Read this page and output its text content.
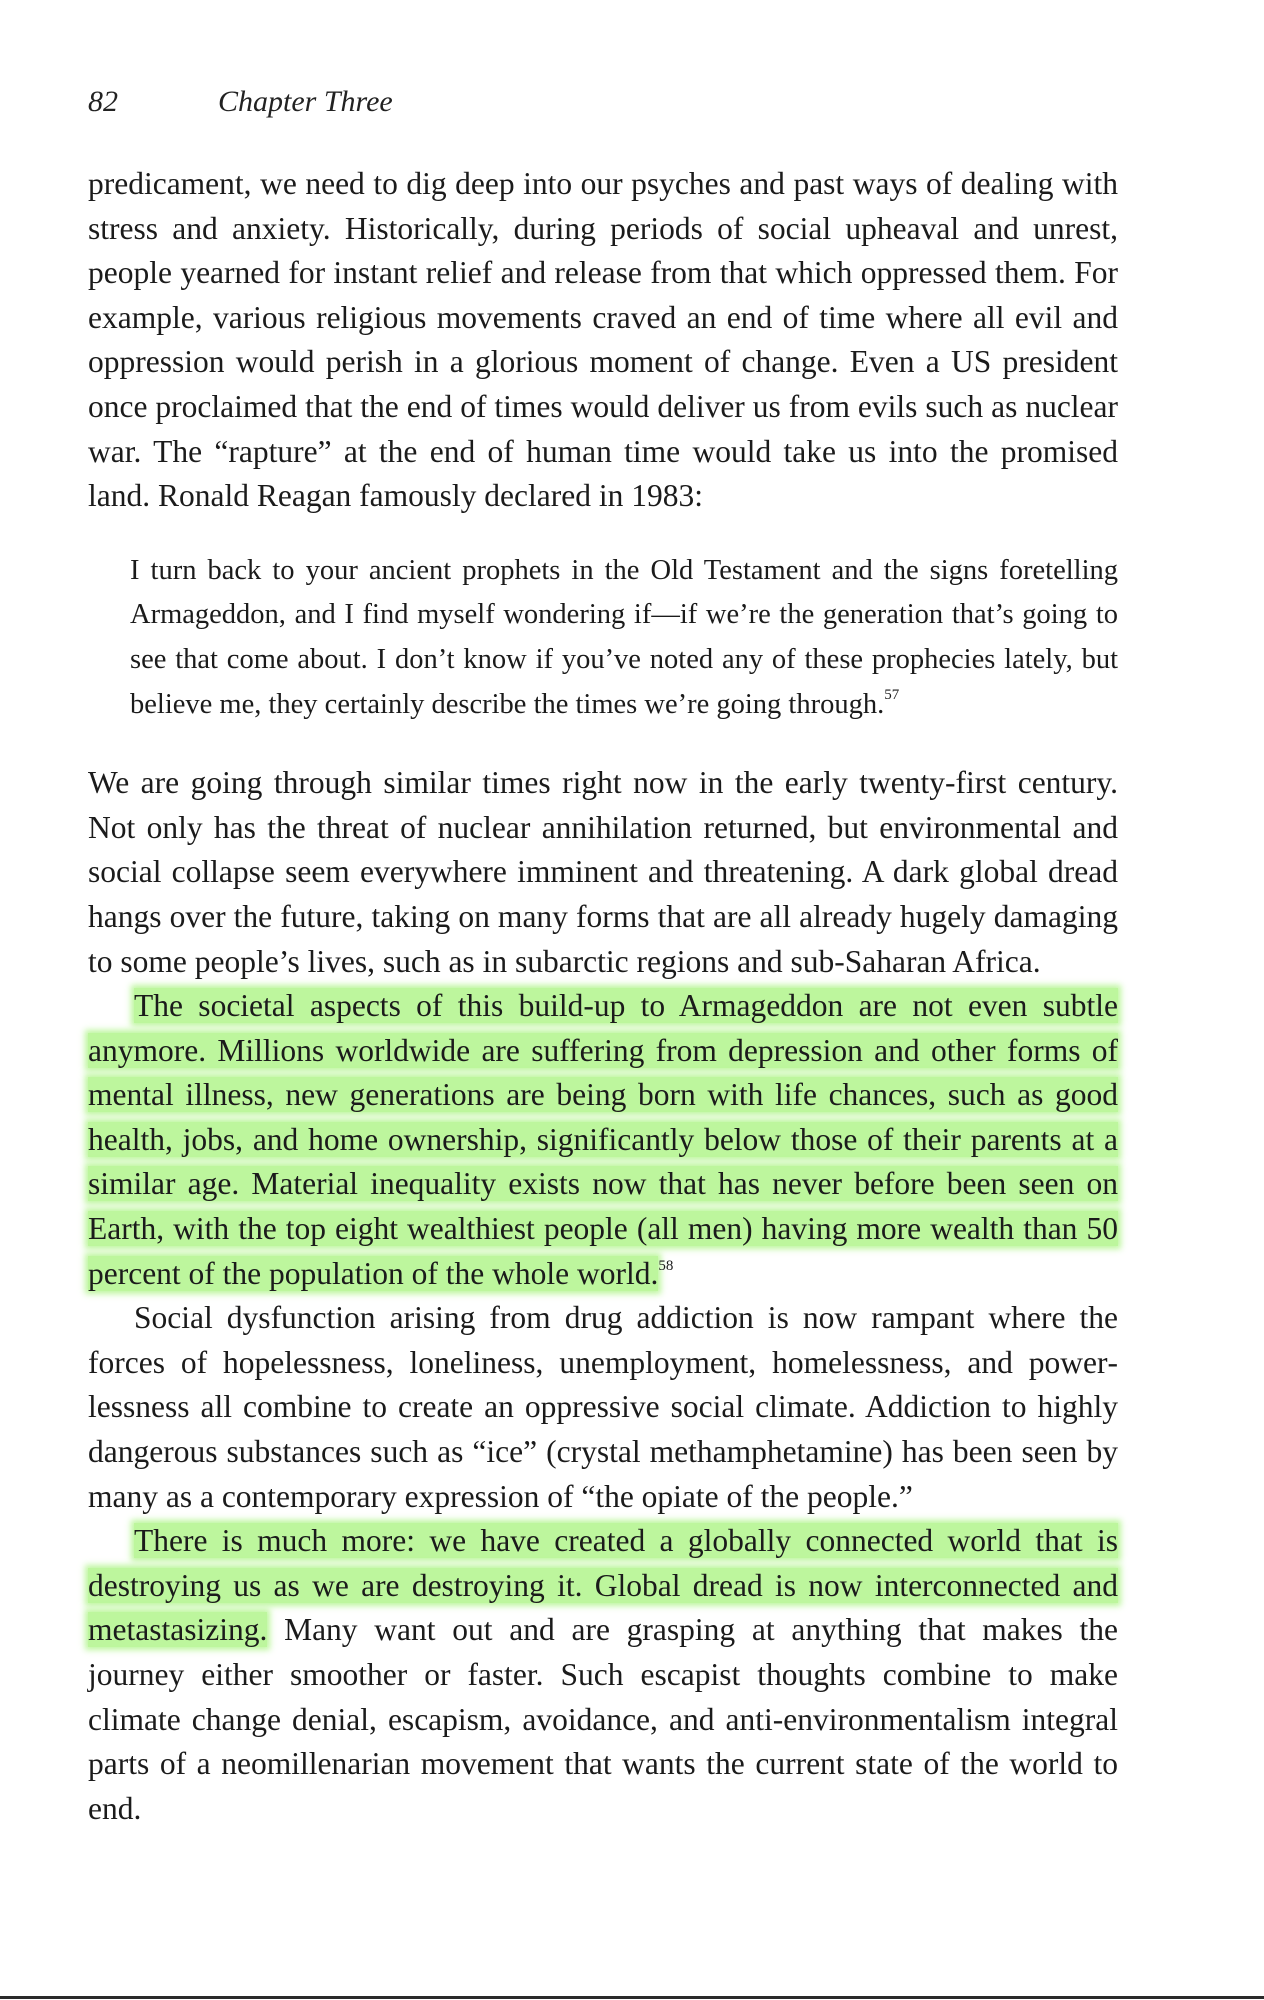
82	Chapter Three

predicament, we need to dig deep into our psyches and past ways of dealing with stress and anxiety. Historically, during periods of social upheaval and unrest, people yearned for instant relief and release from that which oppressed them. For example, various religious movements craved an end of time where all evil and oppression would perish in a glorious moment of change. Even a US president once proclaimed that the end of times would deliver us from evils such as nuclear war. The “rapture” at the end of human time would take us into the promised land. Ronald Reagan famously declared in 1983:

I turn back to your ancient prophets in the Old Testament and the signs foretelling Armageddon, and I find myself wondering if—if we’re the generation that’s going to see that come about. I don’t know if you’ve noted any of these prophecies lately, but believe me, they certainly describe the times we’re going through.$^{57}$

We are going through similar times right now in the early twenty-first century. Not only has the threat of nuclear annihilation returned, but environmental and social collapse seem everywhere imminent and threatening. A dark global dread hangs over the future, taking on many forms that are all already hugely damaging to some people’s lives, such as in subarctic regions and sub-Saharan Africa.

The societal aspects of this build-up to Armageddon are not even subtle anymore. Millions worldwide are suffering from depression and other forms of mental illness, new generations are being born with life chances, such as good health, jobs, and home ownership, significantly below those of their parents at a similar age. Material inequality exists now that has never before been seen on Earth, with the top eight wealthiest people (all men) having more wealth than 50 percent of the population of the whole world.$^{58}$

Social dysfunction arising from drug addiction is now rampant where the forces of hopelessness, loneliness, unemployment, homelessness, and powerlessness all combine to create an oppressive social climate. Addiction to highly dangerous substances such as “ice” (crystal methamphetamine) has been seen by many as a contemporary expression of “the opiate of the people.”

There is much more: we have created a globally connected world that is destroying us as we are destroying it. Global dread is now interconnected and metastasizing. Many want out and are grasping at anything that makes the journey either smoother or faster. Such escapist thoughts combine to make climate change denial, escapism, avoidance, and anti-environmentalism integral parts of a neomillenarian movement that wants the current state of the world to end.
